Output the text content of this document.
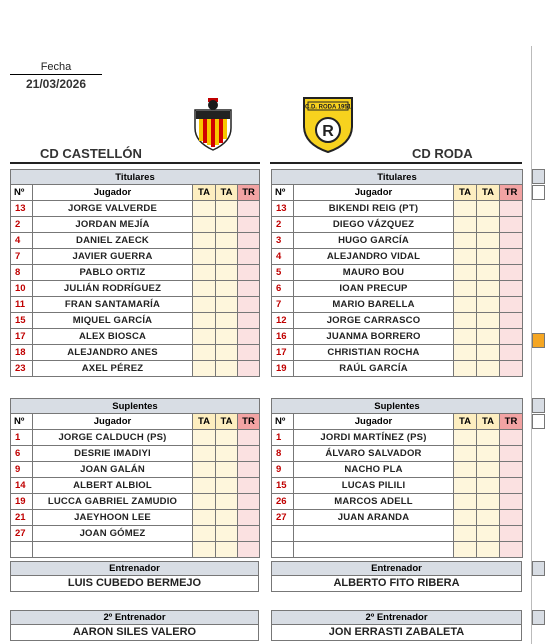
Fecha
21/03/2026
C.D. RODA 1951
R
CD CASTELLÓN	CD RODA
Titulares				
Nº	Jugador	TA	TA	TR
13	JORGE VALVERDE			
2	JORDAN MEJÍA			
4	DANIEL ZAECK			
7	JAVIER GUERRA			
8	PABLO ORTIZ			
10	JULIÁN RODRÍGUEZ			
11	FRAN SANTAMARÍA			
15	MIQUEL GARCÍA			
17	ALEX BIOSCA			
18	ALEJANDRO ANES			
23	AXEL PÉREZ			
Titulares				
Nº	Jugador	TA	TA	TR
13	BIKENDI REIG (PT)			
2	DIEGO VÁZQUEZ			
3	HUGO GARCÍA			
4	ALEJANDRO VIDAL			
5	MAURO BOU			
6	IOAN PRECUP			
7	MARIO BARELLA			
12	JORGE CARRASCO			
16	JUANMA BORRERO			
17	CHRISTIAN ROCHA			
19	RAÚL GARCÍA			
Suplentes				
Nº	Jugador	TA	TA	TR
1	JORGE CALDUCH (PS)			
6	DESRIE IMADIYI			
9	JOAN GALÁN			
14	ALBERT ALBIOL			
19	LUCCA GABRIEL ZAMUDIO			
21	JAEYHOON LEE			
27	JOAN GÓMEZ			

Suplentes				
Nº	Jugador	TA	TA	TR
1	JORDI MARTÍNEZ (PS)			
8	ÁLVARO SALVADOR			
9	NACHO PLA			
15	LUCAS PILILI			
26	MARCOS ADELL			
27	JUAN ARANDA			

Entrenador
LUIS CUBEDO BERMEJO
Entrenador
ALBERTO FITO RIBERA
2º Entrenador
AARON SILES VALERO
2º Entrenador
JON ERRASTI ZABALETA
